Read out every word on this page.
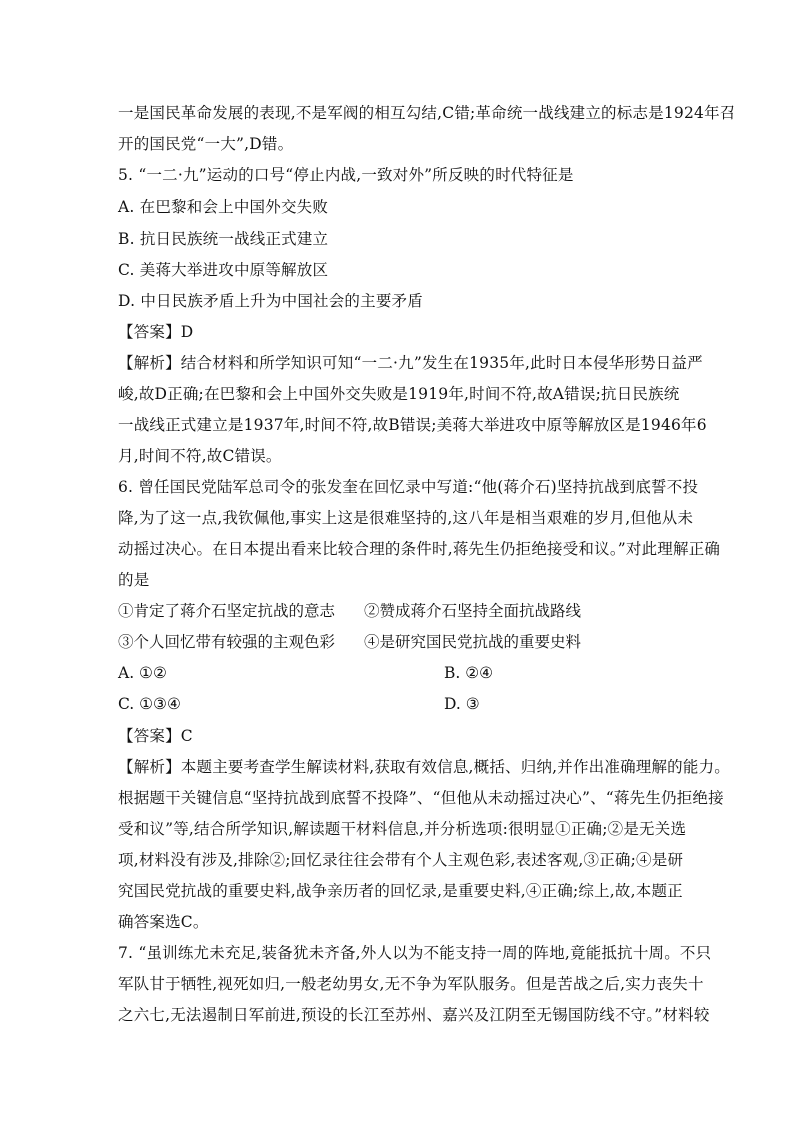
一是国民革命发展的表现,不是军阀的相互勾结,C错;革命统一战线建立的标志是1924年召
开的国民党“一大”,D错。
5. “一二·九”运动的口号“停止内战,一致对外”所反映的时代特征是
A. 在巴黎和会上中国外交失败
B. 抗日民族统一战线正式建立
C. 美蒋大举进攻中原等解放区
D. 中日民族矛盾上升为中国社会的主要矛盾
【答案】D
【解析】结合材料和所学知识可知“一二·九”发生在1935年,此时日本侵华形势日益严
峻,故D正确;在巴黎和会上中国外交失败是1919年,时间不符,故A错误;抗日民族统
一战线正式建立是1937年,时间不符,故B错误;美蒋大举进攻中原等解放区是1946年6
月,时间不符,故C错误。
6. 曾任国民党陆军总司令的张发奎在回忆录中写道:“他(蒋介石)坚持抗战到底誓不投
降,为了这一点,我钦佩他,事实上这是很难坚持的,这八年是相当艰难的岁月,但他从未
动摇过决心。在日本提出看来比较合理的条件时,蒋先生仍拒绝接受和议。”对此理解正确
的是
①肯定了蒋介石坚定抗战的意志 ②赞成蒋介石坚持全面抗战路线
③个人回忆带有较强的主观色彩 ④是研究国民党抗战的重要史料
A. ①②	B. ②④
C. ①③④	D. ③
【答案】C
【解析】本题主要考查学生解读材料,获取有效信息,概括、归纳,并作出准确理解的能力。
根据题干关键信息“坚持抗战到底誓不投降”、“但他从未动摇过决心”、“蒋先生仍拒绝接
受和议”等,结合所学知识,解读题干材料信息,并分析选项:很明显①正确;②是无关选
项,材料没有涉及,排除②;回忆录往往会带有个人主观色彩,表述客观,③正确;④是研
究国民党抗战的重要史料,战争亲历者的回忆录,是重要史料,④正确;综上,故,本题正
确答案选C。
7. “虽训练尤未充足,装备犹未齐备,外人以为不能支持一周的阵地,竟能抵抗十周。不只
军队甘于牺牲,视死如归,一般老幼男女,无不争为军队服务。但是苦战之后,实力丧失十
之六七,无法遏制日军前进,预设的长江至苏州、嘉兴及江阴至无锡国防线不守。”材料较
